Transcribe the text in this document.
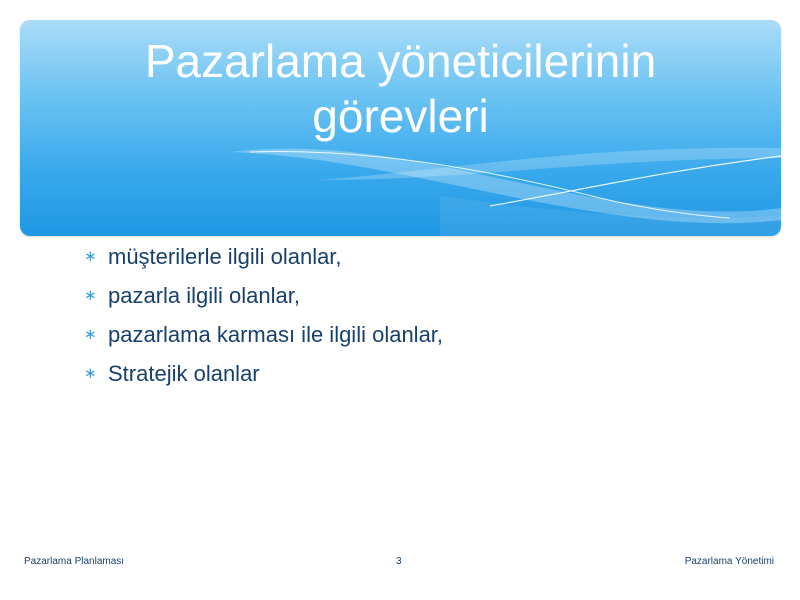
Pazarlama yöneticilerinin
görevleri
∗ müşterilerle ilgili olanlar,
∗ pazarla ilgili olanlar,
∗ pazarlama karması ile ilgili olanlar,
∗ Stratejik olanlar
Pazarlama Planlaması	3	Pazarlama Yönetimi
